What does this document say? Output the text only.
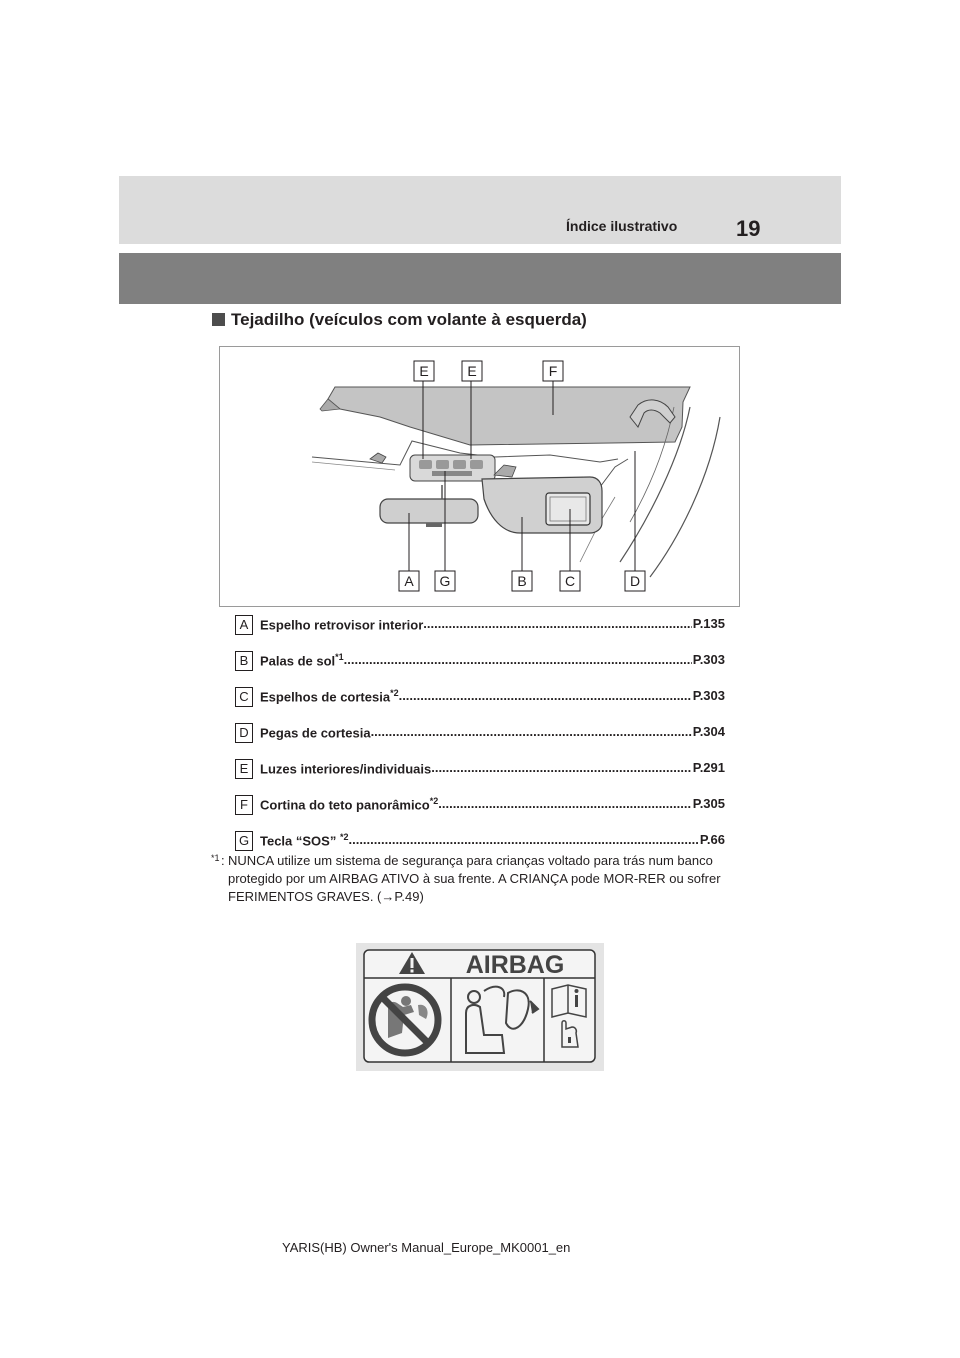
Índice ilustrativo	19
Tejadilho (veículos com volante à esquerda)
E	E	F
A G	B	C	D
A Espelho retrovisor interior .....	P.135
B Palas de sol$^{*1}$ .....	P.303
C Espelhos de cortesia$^{*2}$ .....	P.303
D Pegas de cortesia .....	P.304
E Luzes interiores/individuais .....	P.291
F Cortina do teto panorâmico$^{*2}$ .....	P.305
G Tecla “SOS” $^{*2}$ .....	P.66
*1 : NUNCA utilize um sistema de segurança para crianças voltado para trás num banco protegido por um AIRBAG ATIVO à sua frente. A CRIANÇA pode MOR-RER ou sofrer FERIMENTOS GRAVES. (→P.49)
AIRBAG
YARIS(HB) Owner's Manual_Europe_MK0001_en
